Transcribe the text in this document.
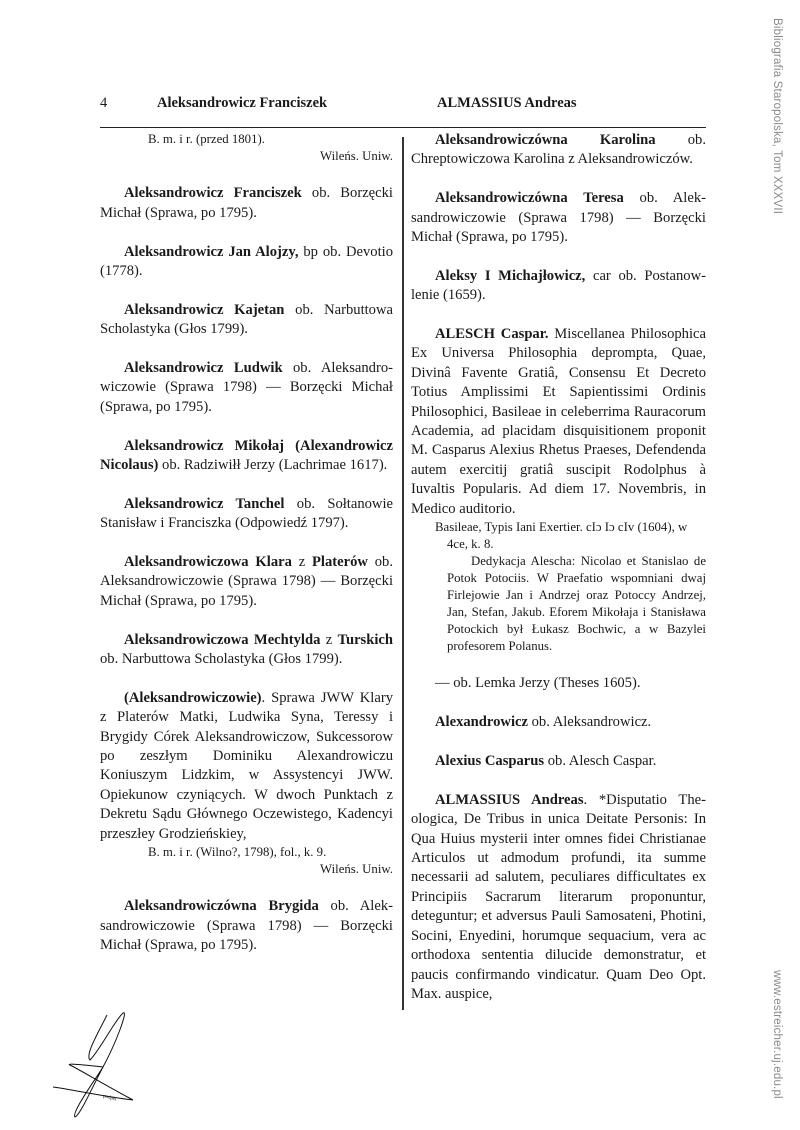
4	Aleksandrowicz Franciszek	ALMASSIUS Andreas

B. m. i r. (przed 1801).

Wileńs. Uniw.

Aleksandrowicz Franciszek ob. Borzęcki Michał (Sprawa, po 1795).

Aleksandrowicz Jan Alojzy, bp ob. Devotio (1778).

Aleksandrowicz Kajetan ob. Narbuttowa Scholastyka (Głos 1799).

Aleksandrowicz Ludwik ob. Aleksandrowiczowie (Sprawa 1798) — Borzęcki Michał (Sprawa, po 1795).

Aleksandrowicz Mikołaj (Alexandrowicz Nicolaus) ob. Radziwiłł Jerzy (Lachrimae 1617).

Aleksandrowicz Tanchel ob. Sołtanowie Stanisław i Franciszka (Odpowiedź 1797).

Aleksandrowiczowa Klara z Platerów ob. Aleksandrowiczowie (Sprawa 1798) — Borzęcki Michał (Sprawa, po 1795).

Aleksandrowiczowa Mechtylda z Turskich ob. Narbuttowa Scholastyka (Głos 1799).

(Aleksandrowiczowie). Sprawa JWW Klary z Platerów Matki, Ludwika Syna, Teressy i Brygidy Córek Aleksandrowiczow, Sukcessorow po zeszłym Dominiku Alexandrowiczu Koniuszym Lidzkim, w Assystencyi JWW. Opiekunow czyniących. W dwoch Punktach z Dekretu Sądu Głównego Oczewistego, Kadencyi przeszłey Grodzieńskiey,

B. m. i r. (Wilno?, 1798), fol., k. 9.

Wileńs. Uniw.

Aleksandrowiczówna Brygida ob. Aleksandrowiczowie (Sprawa 1798) — Borzęcki Michał (Sprawa, po 1795).

Aleksandrowiczówna Karolina ob. Chreptowiczowa Karolina z Aleksandrowiczów.

Aleksandrowiczówna Teresa ob. Aleksandrowiczowie (Sprawa 1798) — Borzęcki Michał (Sprawa, po 1795).

Aleksy I Michajłowicz, car ob. Postanowlenie (1659).

ALESCH Caspar. Miscellanea Philosophica Ex Universa Philosophia deprompta, Quae, Divinâ Favente Gratiâ, Consensu Et Decreto Totius Amplissimi Et Sapientissimi Ordinis Philosophici, Basileae in celeberrima Rauracorum Academia, ad placidam disquisitionem proponit M. Casparus Alexius Rhetus Praeses, Defendenda autem exercitij gratiâ suscipit Rodolphus à Iuvaltis Popularis. Ad diem 17. Novembris, in Medico auditorio.

Basileae, Typis Iani Exertier. cIɔ Iɔ cIv (1604), w 4ce, k. 8.

Dedykacja Alescha: Nicolao et Stanislao de Potok Potociis. W Praefatio wspomniani dwaj Firlejowie Jan i Andrzej oraz Potoccy Andrzej, Jan, Stefan, Jakub. Eforem Mikołaja i Stanisława Potockich był Łukasz Bochwic, a w Bazylei profesorem Polanus.

— ob. Lemka Jerzy (Theses 1605).

Alexandrowicz ob. Aleksandrowicz.

Alexius Casparus ob. Alesch Caspar.

ALMASSIUS Andreas. *Disputatio Theologica, De Tribus in unica Deitate Personis: In Qua Huius mysterii inter omnes fidei Christianae Articulos ut admodum profundi, ita summe necessarii ad salutem, peculiares difficultates ex Principiis Sacrarum literarum proponuntur, deteguntur; et adversus Pauli Samosateni, Photini, Socini, Enyedini, horumque sequacium, vera ac orthodoxa sententia dilucide demonstratur, et paucis confirmando vindicatur. Quam Deo Opt. Max. auspice,

Bibliografia Staropolska, Tom XXXVII
www.estreicher.uj.edu.pl
podpis
